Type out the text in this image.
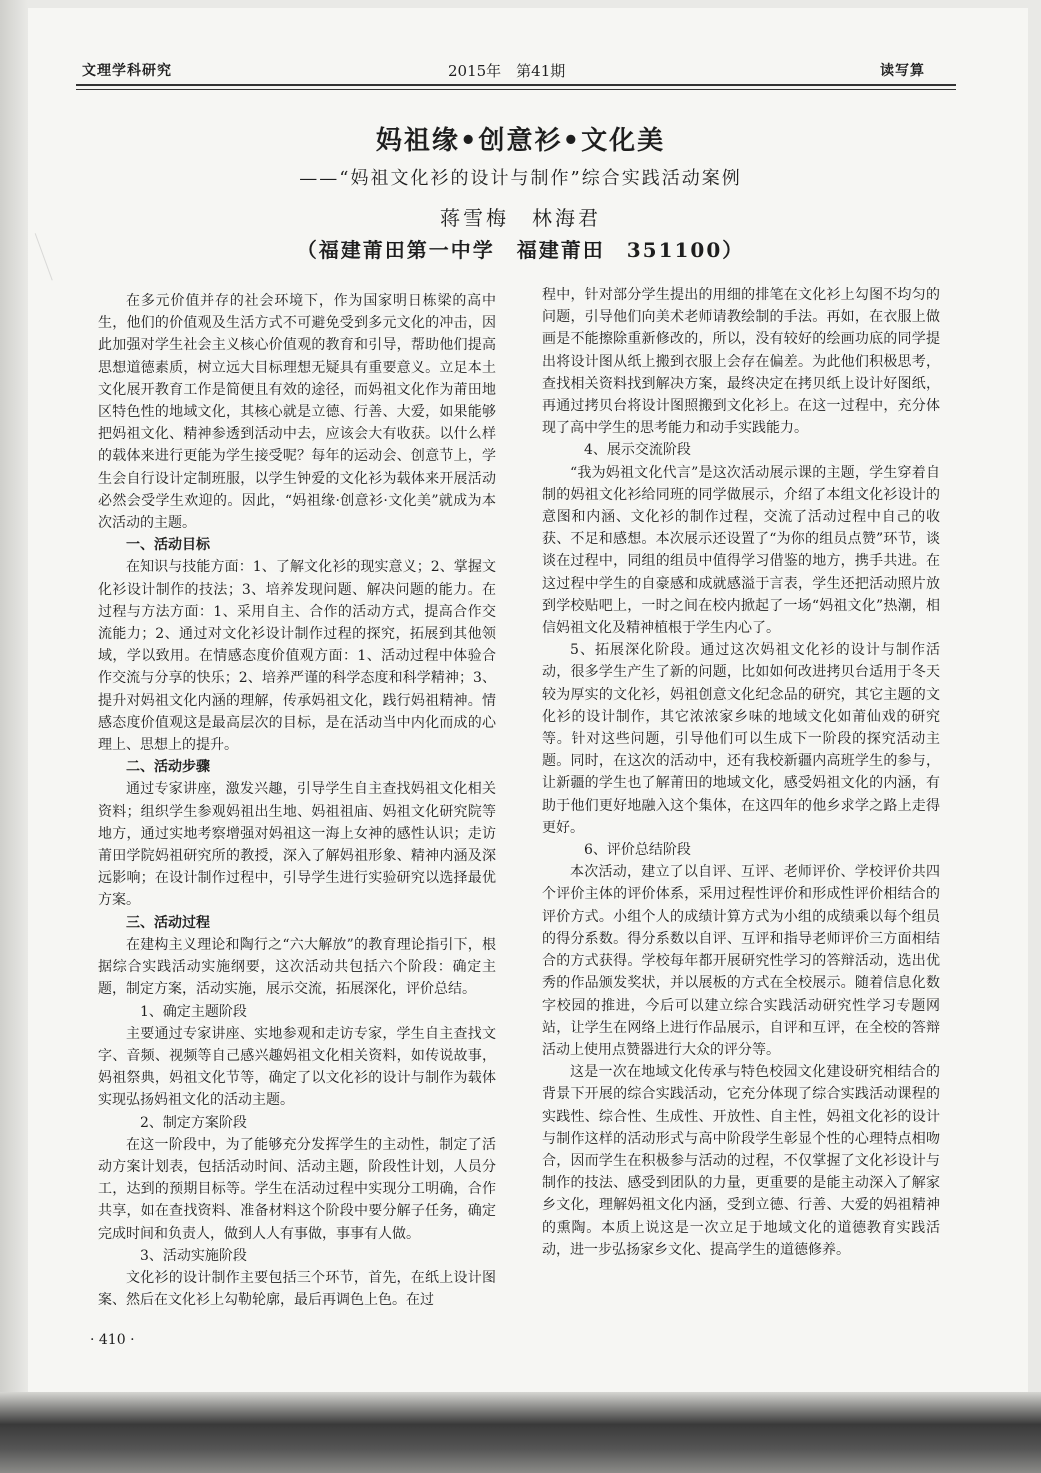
文理学科研究	2015年　第41期	读写算
妈祖缘•创意衫•文化美
——“妈祖文化衫的设计与制作”综合实践活动案例
蒋雪梅　林海君
（福建莆田第一中学　福建莆田　351100）

在多元价值并存的社会环境下，作为国家明日栋梁的高中生，他们的价值观及生活方式不可避免受到多元文化的冲击，因此加强对学生社会主义核心价值观的教育和引导，帮助他们提高思想道德素质，树立远大目标理想无疑具有重要意义。立足本土文化展开教育工作是简便且有效的途径，而妈祖文化作为莆田地区特色性的地域文化，其核心就是立德、行善、大爱，如果能够把妈祖文化、精神参透到活动中去，应该会大有收获。以什么样的载体来进行更能为学生接受呢？每年的运动会、创意节上，学生会自行设计定制班服，以学生钟爱的文化衫为载体来开展活动必然会受学生欢迎的。因此，“妈祖缘·创意衫·文化美”就成为本次活动的主题。

一、活动目标

在知识与技能方面：1、了解文化衫的现实意义；2、掌握文化衫设计制作的技法；3、培养发现问题、解决问题的能力。在过程与方法方面：1、采用自主、合作的活动方式，提高合作交流能力；2、通过对文化衫设计制作过程的探究，拓展到其他领域，学以致用。在情感态度价值观方面：1、活动过程中体验合作交流与分享的快乐；2、培养严谨的科学态度和科学精神；3、提升对妈祖文化内涵的理解，传承妈祖文化，践行妈祖精神。情感态度价值观这是最高层次的目标，是在活动当中内化而成的心理上、思想上的提升。

二、活动步骤

通过专家讲座，激发兴趣，引导学生自主查找妈祖文化相关资料；组织学生参观妈祖出生地、妈祖祖庙、妈祖文化研究院等地方，通过实地考察增强对妈祖这一海上女神的感性认识；走访莆田学院妈祖研究所的教授，深入了解妈祖形象、精神内涵及深远影响；在设计制作过程中，引导学生进行实验研究以选择最优方案。

三、活动过程

在建构主义理论和陶行之“六大解放”的教育理论指引下，根据综合实践活动实施纲要，这次活动共包括六个阶段：确定主题，制定方案，活动实施，展示交流，拓展深化，评价总结。

1、确定主题阶段

主要通过专家讲座、实地参观和走访专家，学生自主查找文字、音频、视频等自己感兴趣妈祖文化相关资料，如传说故事，妈祖祭典，妈祖文化节等，确定了以文化衫的设计与制作为载体实现弘扬妈祖文化的活动主题。

2、制定方案阶段

在这一阶段中，为了能够充分发挥学生的主动性，制定了活动方案计划表，包括活动时间、活动主题，阶段性计划，人员分工，达到的预期目标等。学生在活动过程中实现分工明确，合作共享，如在查找资料、准备材料这个阶段中要分解子任务，确定完成时间和负责人，做到人人有事做，事事有人做。

3、活动实施阶段

文化衫的设计制作主要包括三个环节，首先，在纸上设计图案、然后在文化衫上勾勒轮廓，最后再调色上色。在过

程中，针对部分学生提出的用细的排笔在文化衫上勾图不均匀的问题，引导他们向美术老师请教绘制的手法。再如，在衣服上做画是不能擦除重新修改的，所以，没有较好的绘画功底的同学提出将设计图从纸上搬到衣服上会存在偏差。为此他们积极思考，查找相关资料找到解决方案，最终决定在拷贝纸上设计好图纸，再通过拷贝台将设计图照搬到文化衫上。在这一过程中，充分体现了高中学生的思考能力和动手实践能力。

4、展示交流阶段

“我为妈祖文化代言”是这次活动展示课的主题，学生穿着自制的妈祖文化衫给同班的同学做展示，介绍了本组文化衫设计的意图和内涵、文化衫的制作过程，交流了活动过程中自己的收获、不足和感想。本次展示还设置了“为你的组员点赞”环节，谈谈在过程中，同组的组员中值得学习借鉴的地方，携手共进。在这过程中学生的自豪感和成就感溢于言表，学生还把活动照片放到学校贴吧上，一时之间在校内掀起了一场“妈祖文化”热潮，相信妈祖文化及精神植根于学生内心了。

5、拓展深化阶段。通过这次妈祖文化衫的设计与制作活动，很多学生产生了新的问题，比如如何改进拷贝台适用于冬天较为厚实的文化衫，妈祖创意文化纪念品的研究，其它主题的文化衫的设计制作，其它浓浓家乡味的地域文化如莆仙戏的研究等。针对这些问题，引导他们可以生成下一阶段的探究活动主题。同时，在这次的活动中，还有我校新疆内高班学生的参与，让新疆的学生也了解莆田的地域文化，感受妈祖文化的内涵，有助于他们更好地融入这个集体，在这四年的他乡求学之路上走得更好。

6、评价总结阶段

本次活动，建立了以自评、互评、老师评价、学校评价共四个评价主体的评价体系，采用过程性评价和形成性评价相结合的评价方式。小组个人的成绩计算方式为小组的成绩乘以每个组员的得分系数。得分系数以自评、互评和指导老师评价三方面相结合的方式获得。学校每年都开展研究性学习的答辩活动，选出优秀的作品颁发奖状，并以展板的方式在全校展示。随着信息化数字校园的推进，今后可以建立综合实践活动研究性学习专题网站，让学生在网络上进行作品展示，自评和互评，在全校的答辩活动上使用点赞器进行大众的评分等。

这是一次在地域文化传承与特色校园文化建设研究相结合的背景下开展的综合实践活动，它充分体现了综合实践活动课程的实践性、综合性、生成性、开放性、自主性，妈祖文化衫的设计与制作这样的活动形式与高中阶段学生彰显个性的心理特点相吻合，因而学生在积极参与活动的过程，不仅掌握了文化衫设计与制作的技法、感受到团队的力量，更重要的是能主动深入了解家乡文化，理解妈祖文化内涵，受到立德、行善、大爱的妈祖精神的熏陶。本质上说这是一次立足于地域文化的道德教育实践活动，进一步弘扬家乡文化、提高学生的道德修养。

· 410 ·
